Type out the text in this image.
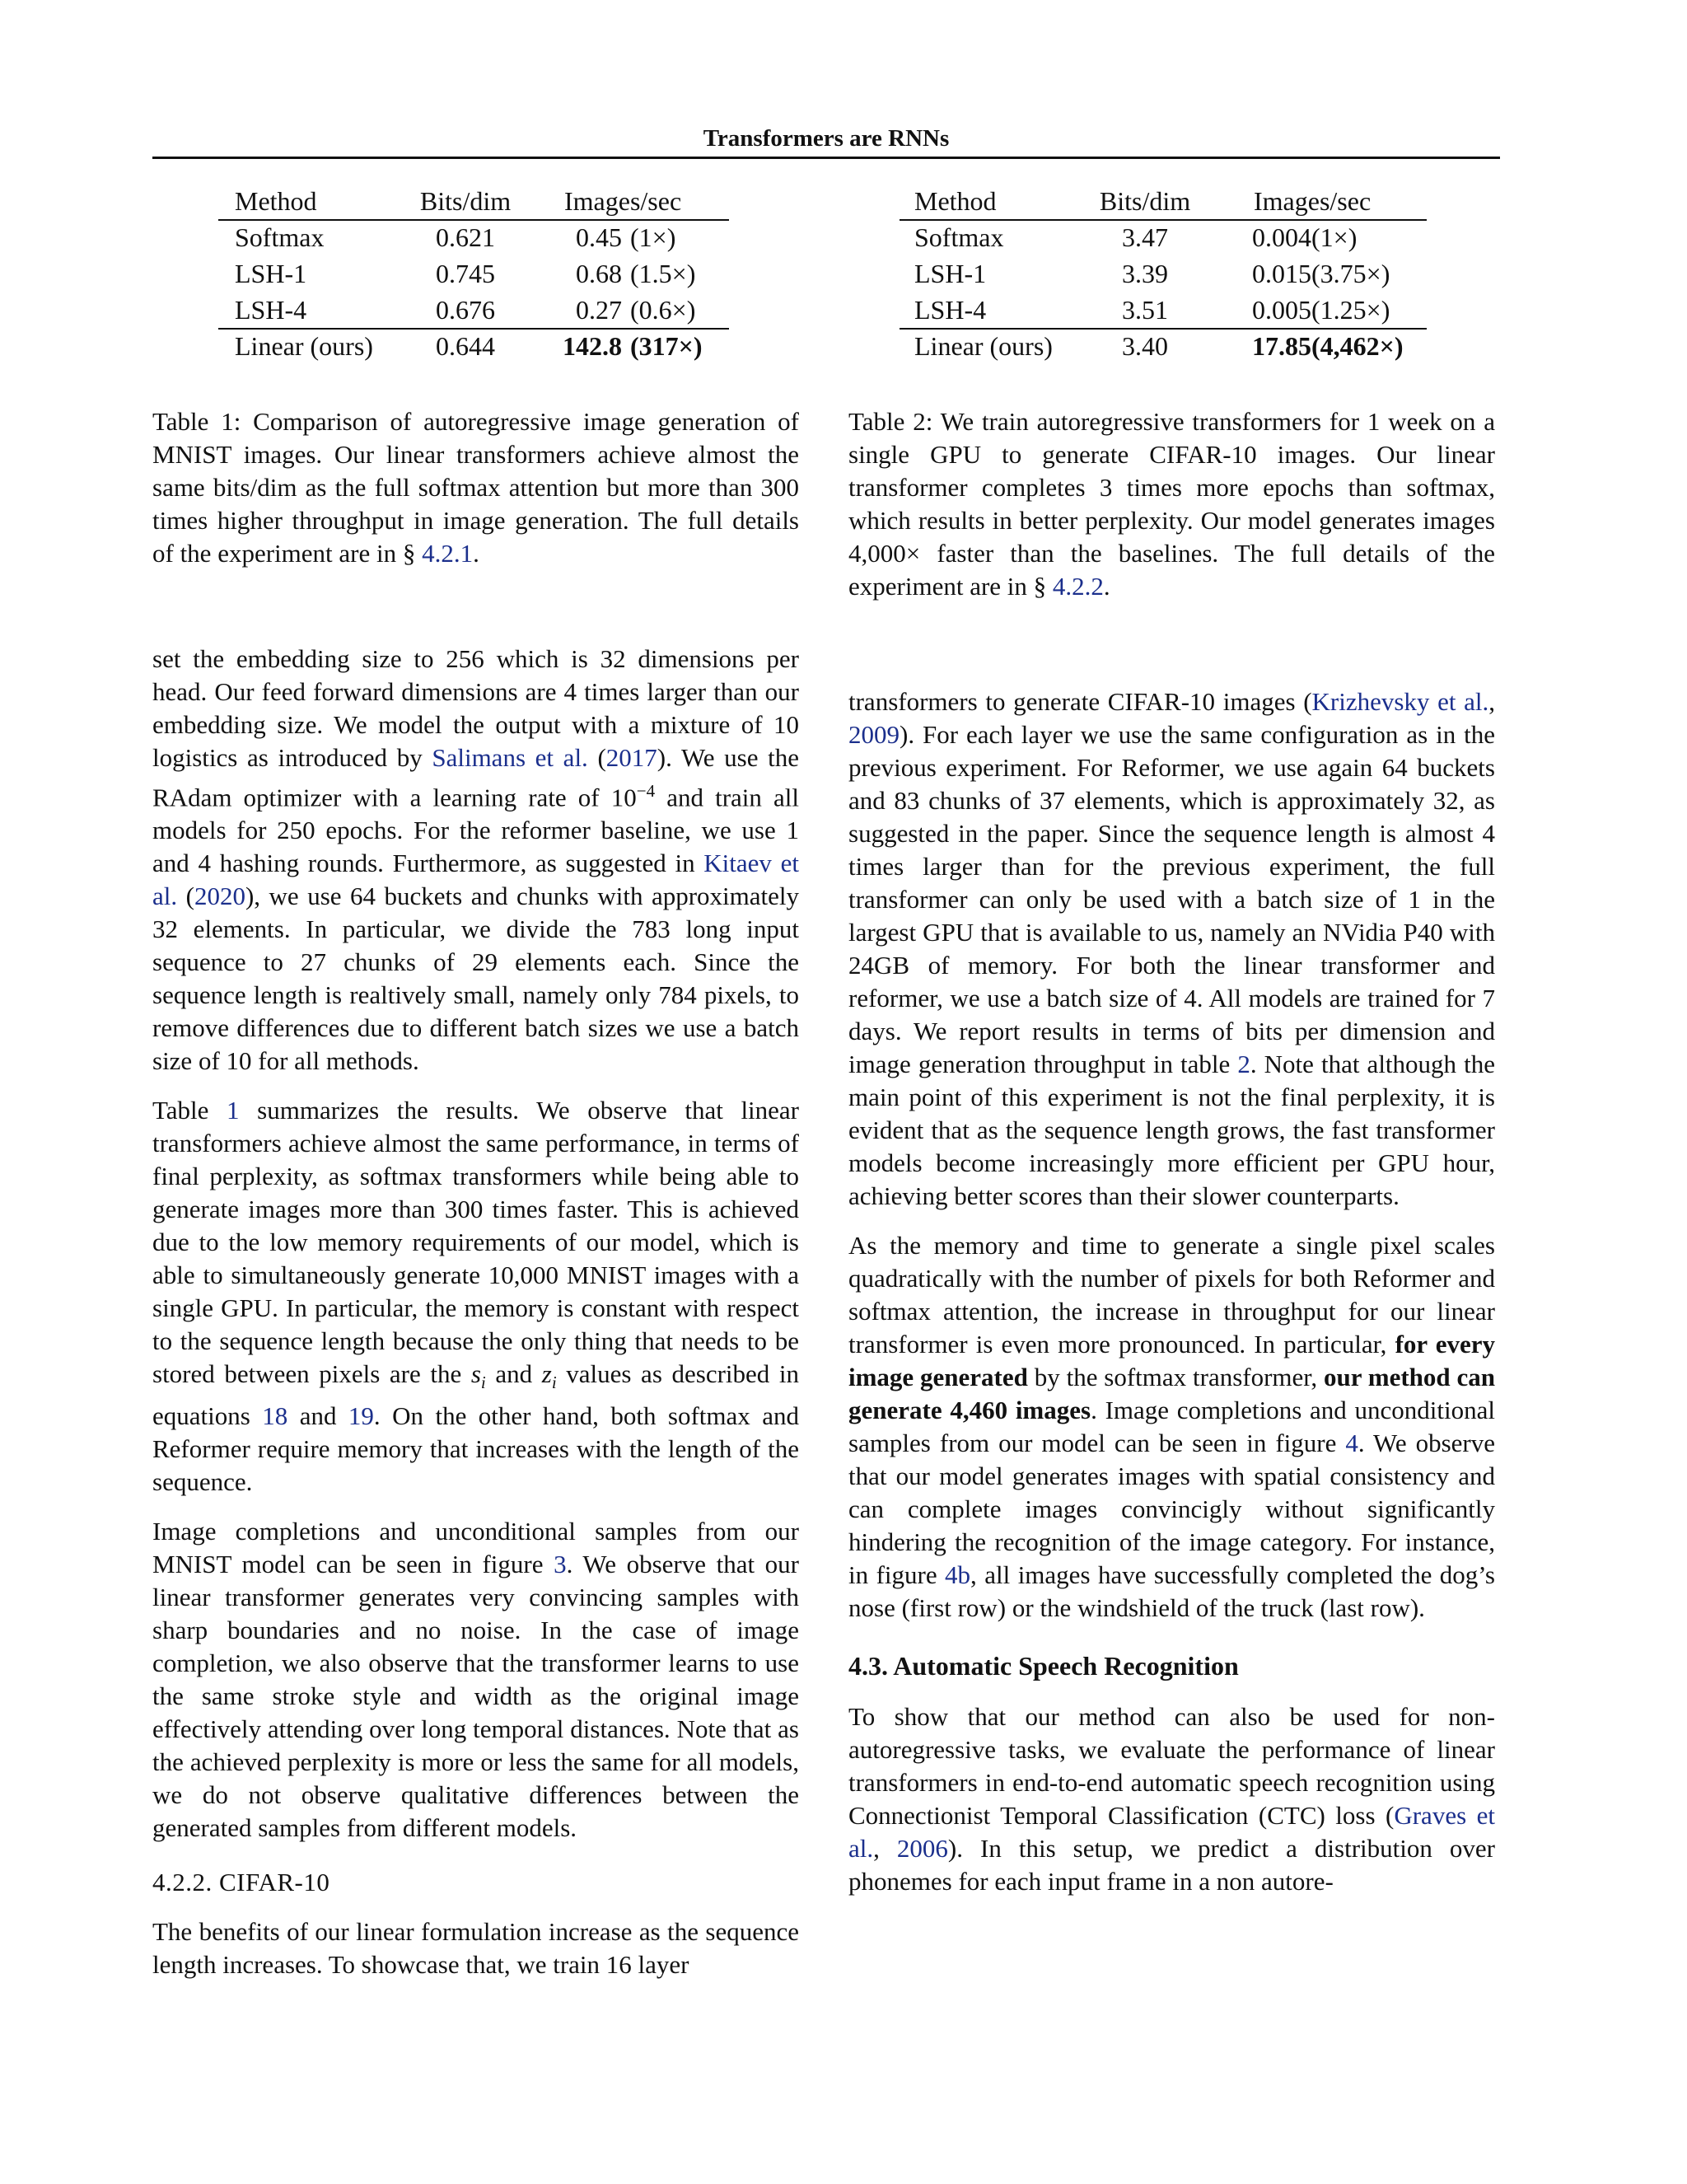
Transformers are RNNs
Method	Bits/dim	Images/sec
Softmax	0.621	0.45 (1×)
LSH-1	0.745	0.68 (1.5×)
LSH-4	0.676	0.27 (0.6×)
Linear (ours)	0.644	142.8 (317×)
Table 1: Comparison of autoregressive image generation of MNIST images. Our linear transformers achieve almost the same bits/dim as the full softmax attention but more than 300 times higher throughput in image generation. The full details of the experiment are in § 4.2.1.
Method	Bits/dim	Images/sec
Softmax	3.47	0.004 (1×)
LSH-1	3.39	0.015 (3.75×)
LSH-4	3.51	0.005 (1.25×)
Linear (ours)	3.40	17.85 (4,462×)
Table 2: We train autoregressive transformers for 1 week on a single GPU to generate CIFAR-10 images. Our linear transformer completes 3 times more epochs than softmax, which results in better perplexity. Our model generates images 4,000× faster than the baselines. The full details of the experiment are in § 4.2.2.

set the embedding size to 256 which is 32 dimensions per head. Our feed forward dimensions are 4 times larger than our embedding size. We model the output with a mixture of 10 logistics as introduced by Salimans et al. (2017). We use the RAdam optimizer with a learning rate of $10^{-4}$ and train all models for 250 epochs. For the reformer baseline, we use 1 and 4 hashing rounds. Furthermore, as suggested in Kitaev et al. (2020), we use 64 buckets and chunks with approximately 32 elements. In particular, we divide the 783 long input sequence to 27 chunks of 29 elements each. Since the sequence length is realtively small, namely only 784 pixels, to remove differences due to different batch sizes we use a batch size of 10 for all methods.

Table 1 summarizes the results. We observe that linear transformers achieve almost the same performance, in terms of final perplexity, as softmax transformers while being able to generate images more than 300 times faster. This is achieved due to the low memory requirements of our model, which is able to simultaneously generate 10,000 MNIST images with a single GPU. In particular, the memory is constant with respect to the sequence length because the only thing that needs to be stored between pixels are the $s_i$ and $z_i$ values as described in equations 18 and 19. On the other hand, both softmax and Reformer require memory that increases with the length of the sequence.

Image completions and unconditional samples from our MNIST model can be seen in figure 3. We observe that our linear transformer generates very convincing samples with sharp boundaries and no noise. In the case of image completion, we also observe that the transformer learns to use the same stroke style and width as the original image effectively attending over long temporal distances. Note that as the achieved perplexity is more or less the same for all models, we do not observe qualitative differences between the generated samples from different models.

4.2.2. CIFAR-10

The benefits of our linear formulation increase as the sequence length increases. To showcase that, we train 16 layer

transformers to generate CIFAR-10 images (Krizhevsky et al., 2009). For each layer we use the same configuration as in the previous experiment. For Reformer, we use again 64 buckets and 83 chunks of 37 elements, which is approximately 32, as suggested in the paper. Since the sequence length is almost 4 times larger than for the previous experiment, the full transformer can only be used with a batch size of 1 in the largest GPU that is available to us, namely an NVidia P40 with 24GB of memory. For both the linear transformer and reformer, we use a batch size of 4. All models are trained for 7 days. We report results in terms of bits per dimension and image generation throughput in table 2. Note that although the main point of this experiment is not the final perplexity, it is evident that as the sequence length grows, the fast transformer models become increasingly more efficient per GPU hour, achieving better scores than their slower counterparts.

As the memory and time to generate a single pixel scales quadratically with the number of pixels for both Reformer and softmax attention, the increase in throughput for our linear transformer is even more pronounced. In particular, for every image generated by the softmax transformer, our method can generate 4,460 images. Image completions and unconditional samples from our model can be seen in figure 4. We observe that our model generates images with spatial consistency and can complete images convincigly without significantly hindering the recognition of the image category. For instance, in figure 4b, all images have successfully completed the dog’s nose (first row) or the windshield of the truck (last row).

4.3. Automatic Speech Recognition

To show that our method can also be used for non-autoregressive tasks, we evaluate the performance of linear transformers in end-to-end automatic speech recognition using Connectionist Temporal Classification (CTC) loss (Graves et al., 2006). In this setup, we predict a distribution over phonemes for each input frame in a non autore-
